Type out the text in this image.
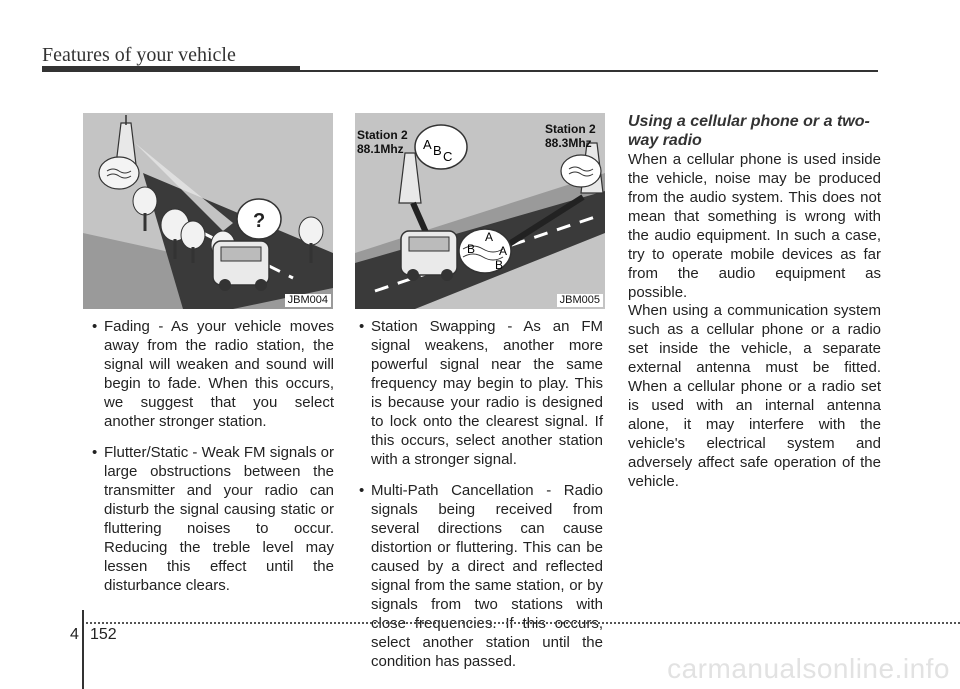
Features of your vehicle
?
JBM004
Station 2
88.1Mhz
Station 2
88.3Mhz
A B C
A
B A
B
JBM005
• Fading - As your vehicle moves away from the radio station, the signal will weaken and sound will begin to fade. When this occurs, we suggest that you select another stronger station.
• Flutter/Static - Weak FM signals or large obstructions between the transmitter and your radio can disturb the signal causing static or fluttering noises to occur. Reducing the treble level may lessen this effect until the disturbance clears.
• Station Swapping - As an FM signal weakens, another more powerful signal near the same frequency may begin to play. This is because your radio is designed to lock onto the clearest signal. If this occurs, select another station with a stronger signal.
• Multi-Path Cancellation - Radio signals being received from several directions can cause distortion or fluttering. This can be caused by a direct and reflected signal from the same station, or by signals from two stations with close frequencies. If this occurs, select another station until the condition has passed.
Using a cellular phone or a two-way radio

When a cellular phone is used inside the vehicle, noise may be produced from the audio system. This does not mean that something is wrong with the audio equipment. In such a case, try to operate mobile devices as far from the audio equipment as possible.

When using a communication system such as a cellular phone or a radio set inside the vehicle, a separate external antenna must be fitted. When a cellular phone or a radio set is used with an internal antenna alone, it may interfere with the vehicle's electrical system and adversely affect safe operation of the vehicle.

4 152
carmanualsonline.info
